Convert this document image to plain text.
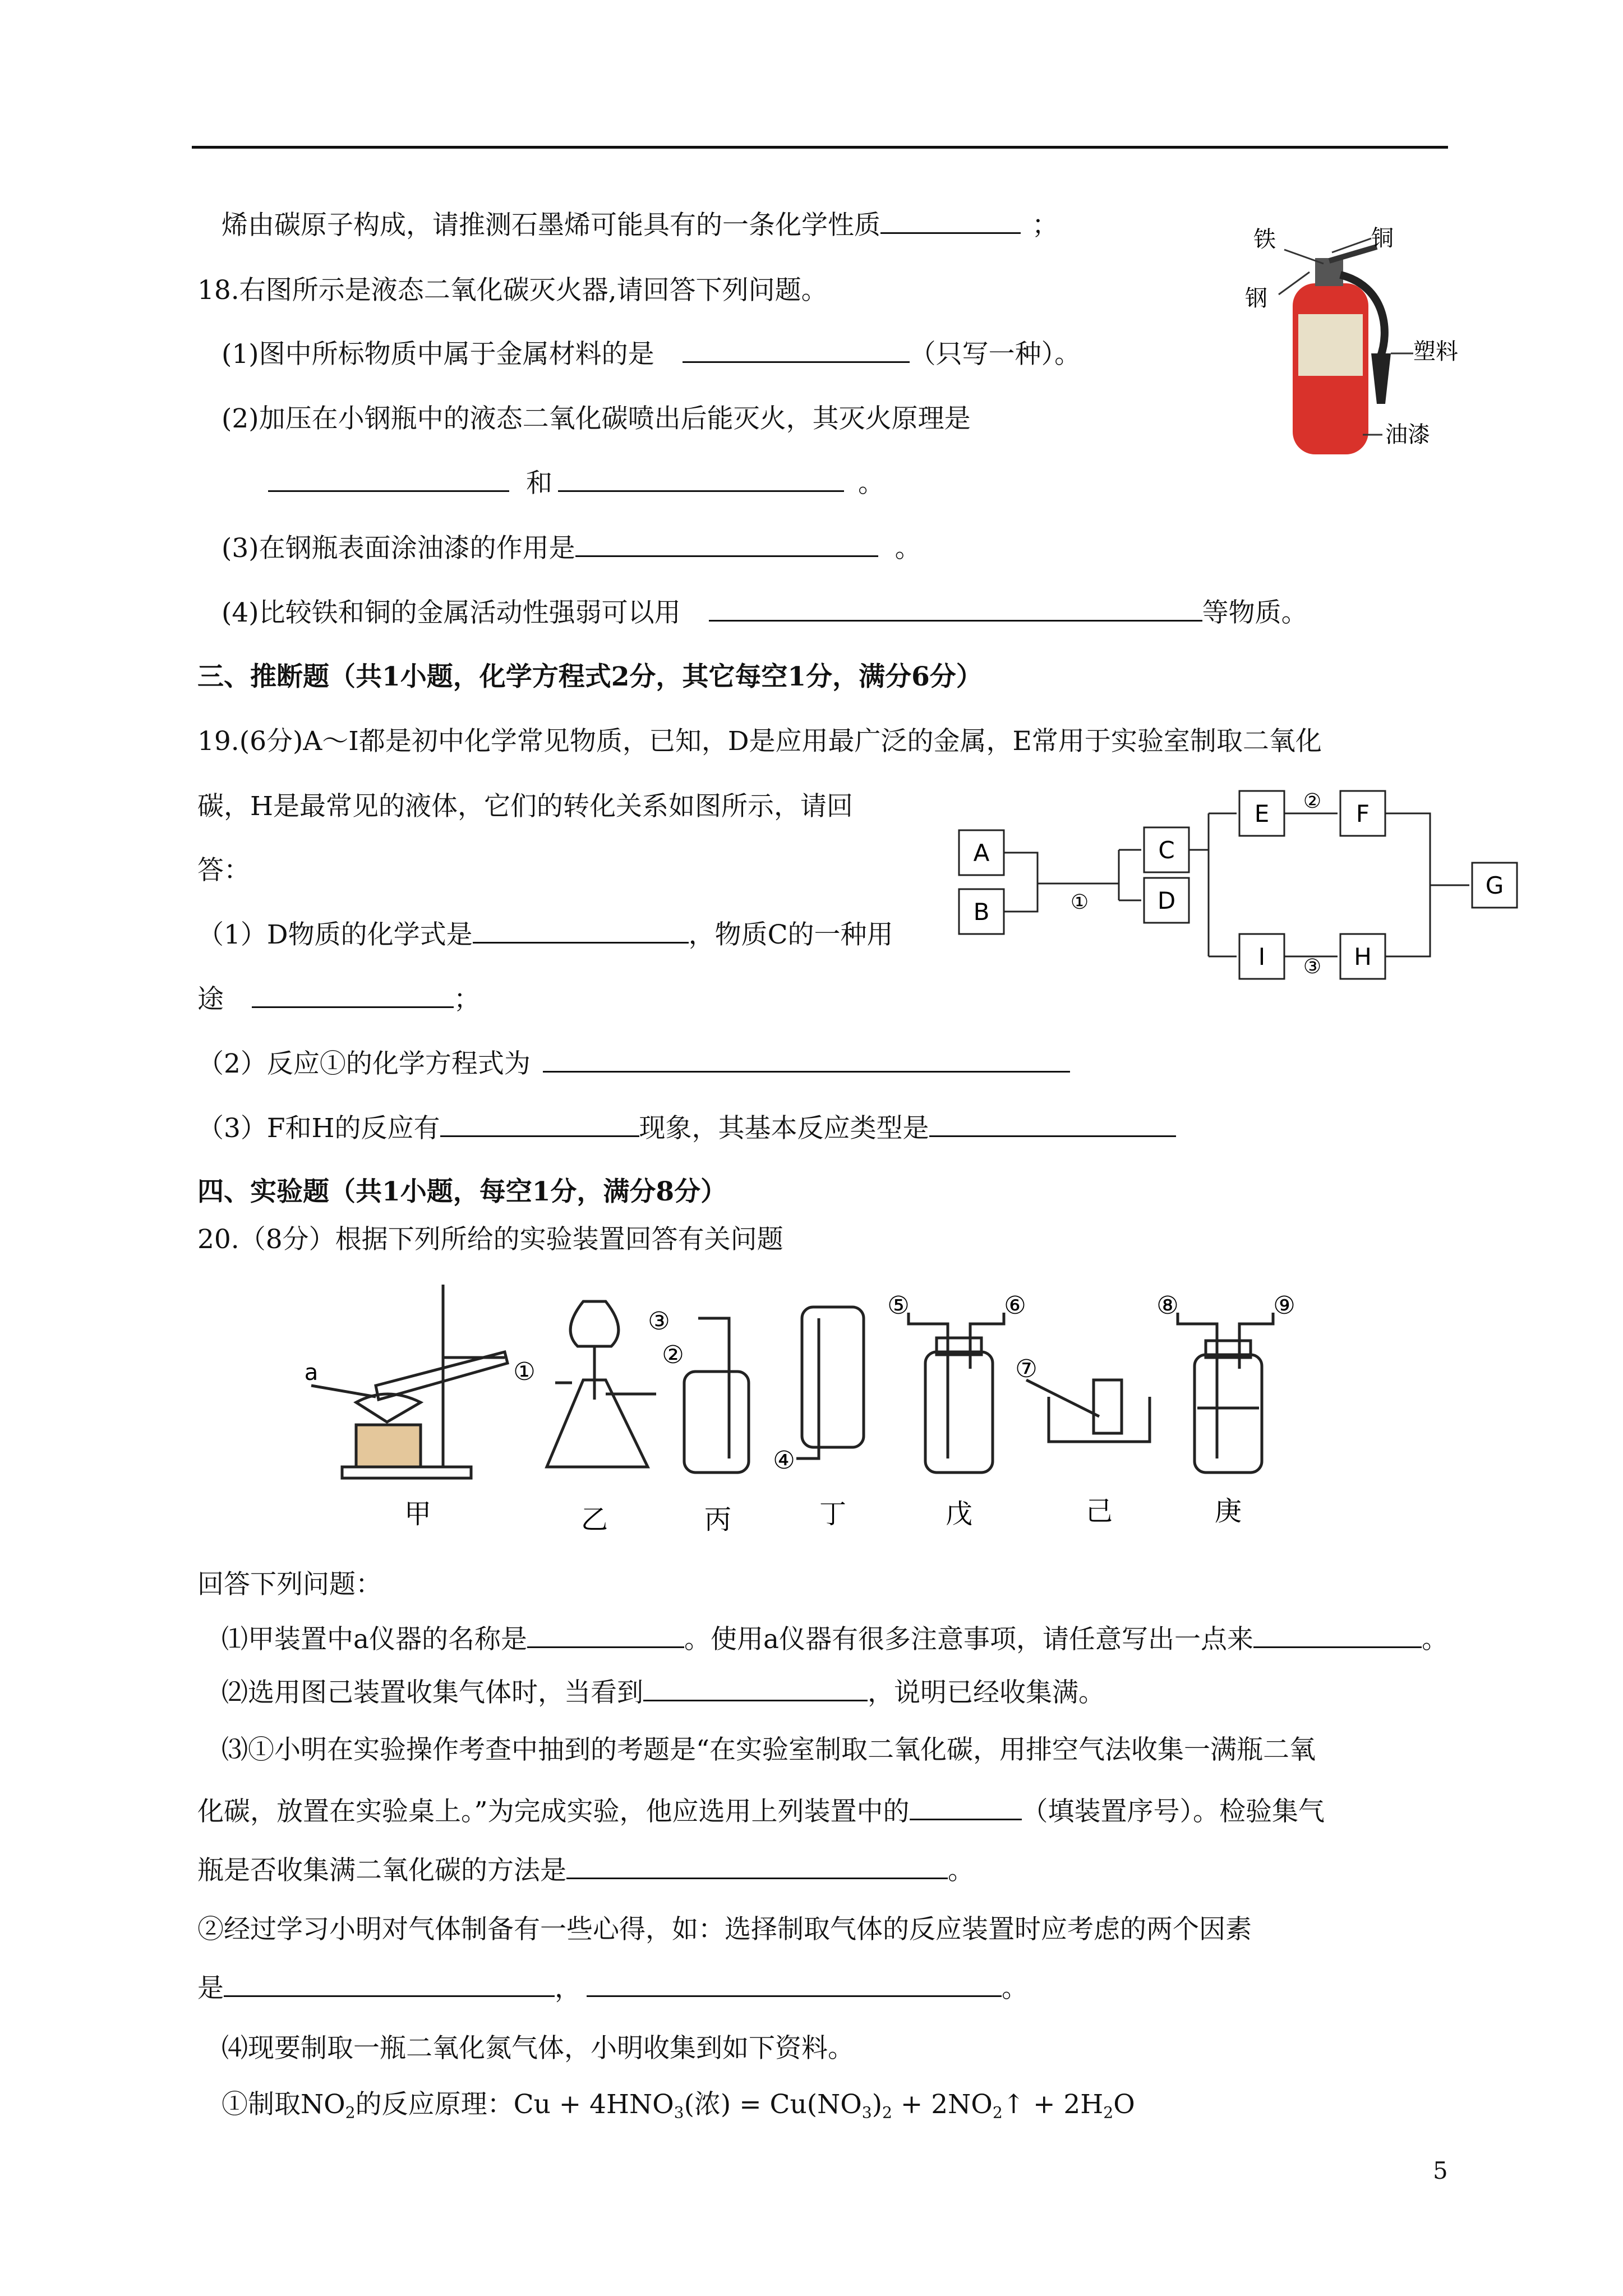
烯由碳原子构成，请推测石墨烯可能具有的一条化学性质	；
18.右图所示是液态二氧化碳灭火器,请回答下列问题。
(1)图中所标物质中属于金属材料的是	（只写一种）。
(2)加压在小钢瓶中的液态二氧化碳喷出后能灭火，其灭火原理是
和	。
(3)在钢瓶表面涂油漆的作用是	。
(4)比较铁和铜的金属活动性强弱可以用	等物质。
三、推断题（共1小题，化学方程式2分，其它每空1分，满分6分）
19.(6分)A～I都是初中化学常见物质，已知，D是应用最广泛的金属，E常用于实验室制取二氧化
碳，H是最常见的液体，它们的转化关系如图所示，请回
答：
（1）D物质的化学式是	，物质C的一种用
途	；
（2）反应①的化学方程式为
（3）F和H的反应有	现象，其基本反应类型是
四、实验题（共1小题，每空1分，满分8分）
20.（8分）根据下列所给的实验装置回答有关问题
回答下列问题：
⑴甲装置中a仪器的名称是	。使用a仪器有很多注意事项，请任意写出一点来	。
⑵选用图己装置收集气体时，当看到	，说明已经收集满。
⑶①小明在实验操作考查中抽到的考题是“在实验室制取二氧化碳，用排空气法收集一满瓶二氧
化碳，放置在实验桌上。”为完成实验，他应选用上列装置中的	（填装置序号）。检验集气
瓶是否收集满二氧化碳的方法是	。
②经过学习小明对气体制备有一些心得，如：选择制取气体的反应装置时应考虑的两个因素
是	，	。
⑷现要制取一瓶二氧化氮气体，小明收集到如下资料。
①制取$NO_2$的反应原理：$Cu + 4HNO_3$(浓) = $Cu(NO_3)_2$ + $2NO_2↑ + 2H_2O$
5
铁	铜
钢
塑料
油漆
A
B
C
D
E	F
I	H
G
①
②
③
甲	乙	丙	丁	戊	己	庚
a	①
③
②
④
⑤	⑥
⑦
⑧	⑨
